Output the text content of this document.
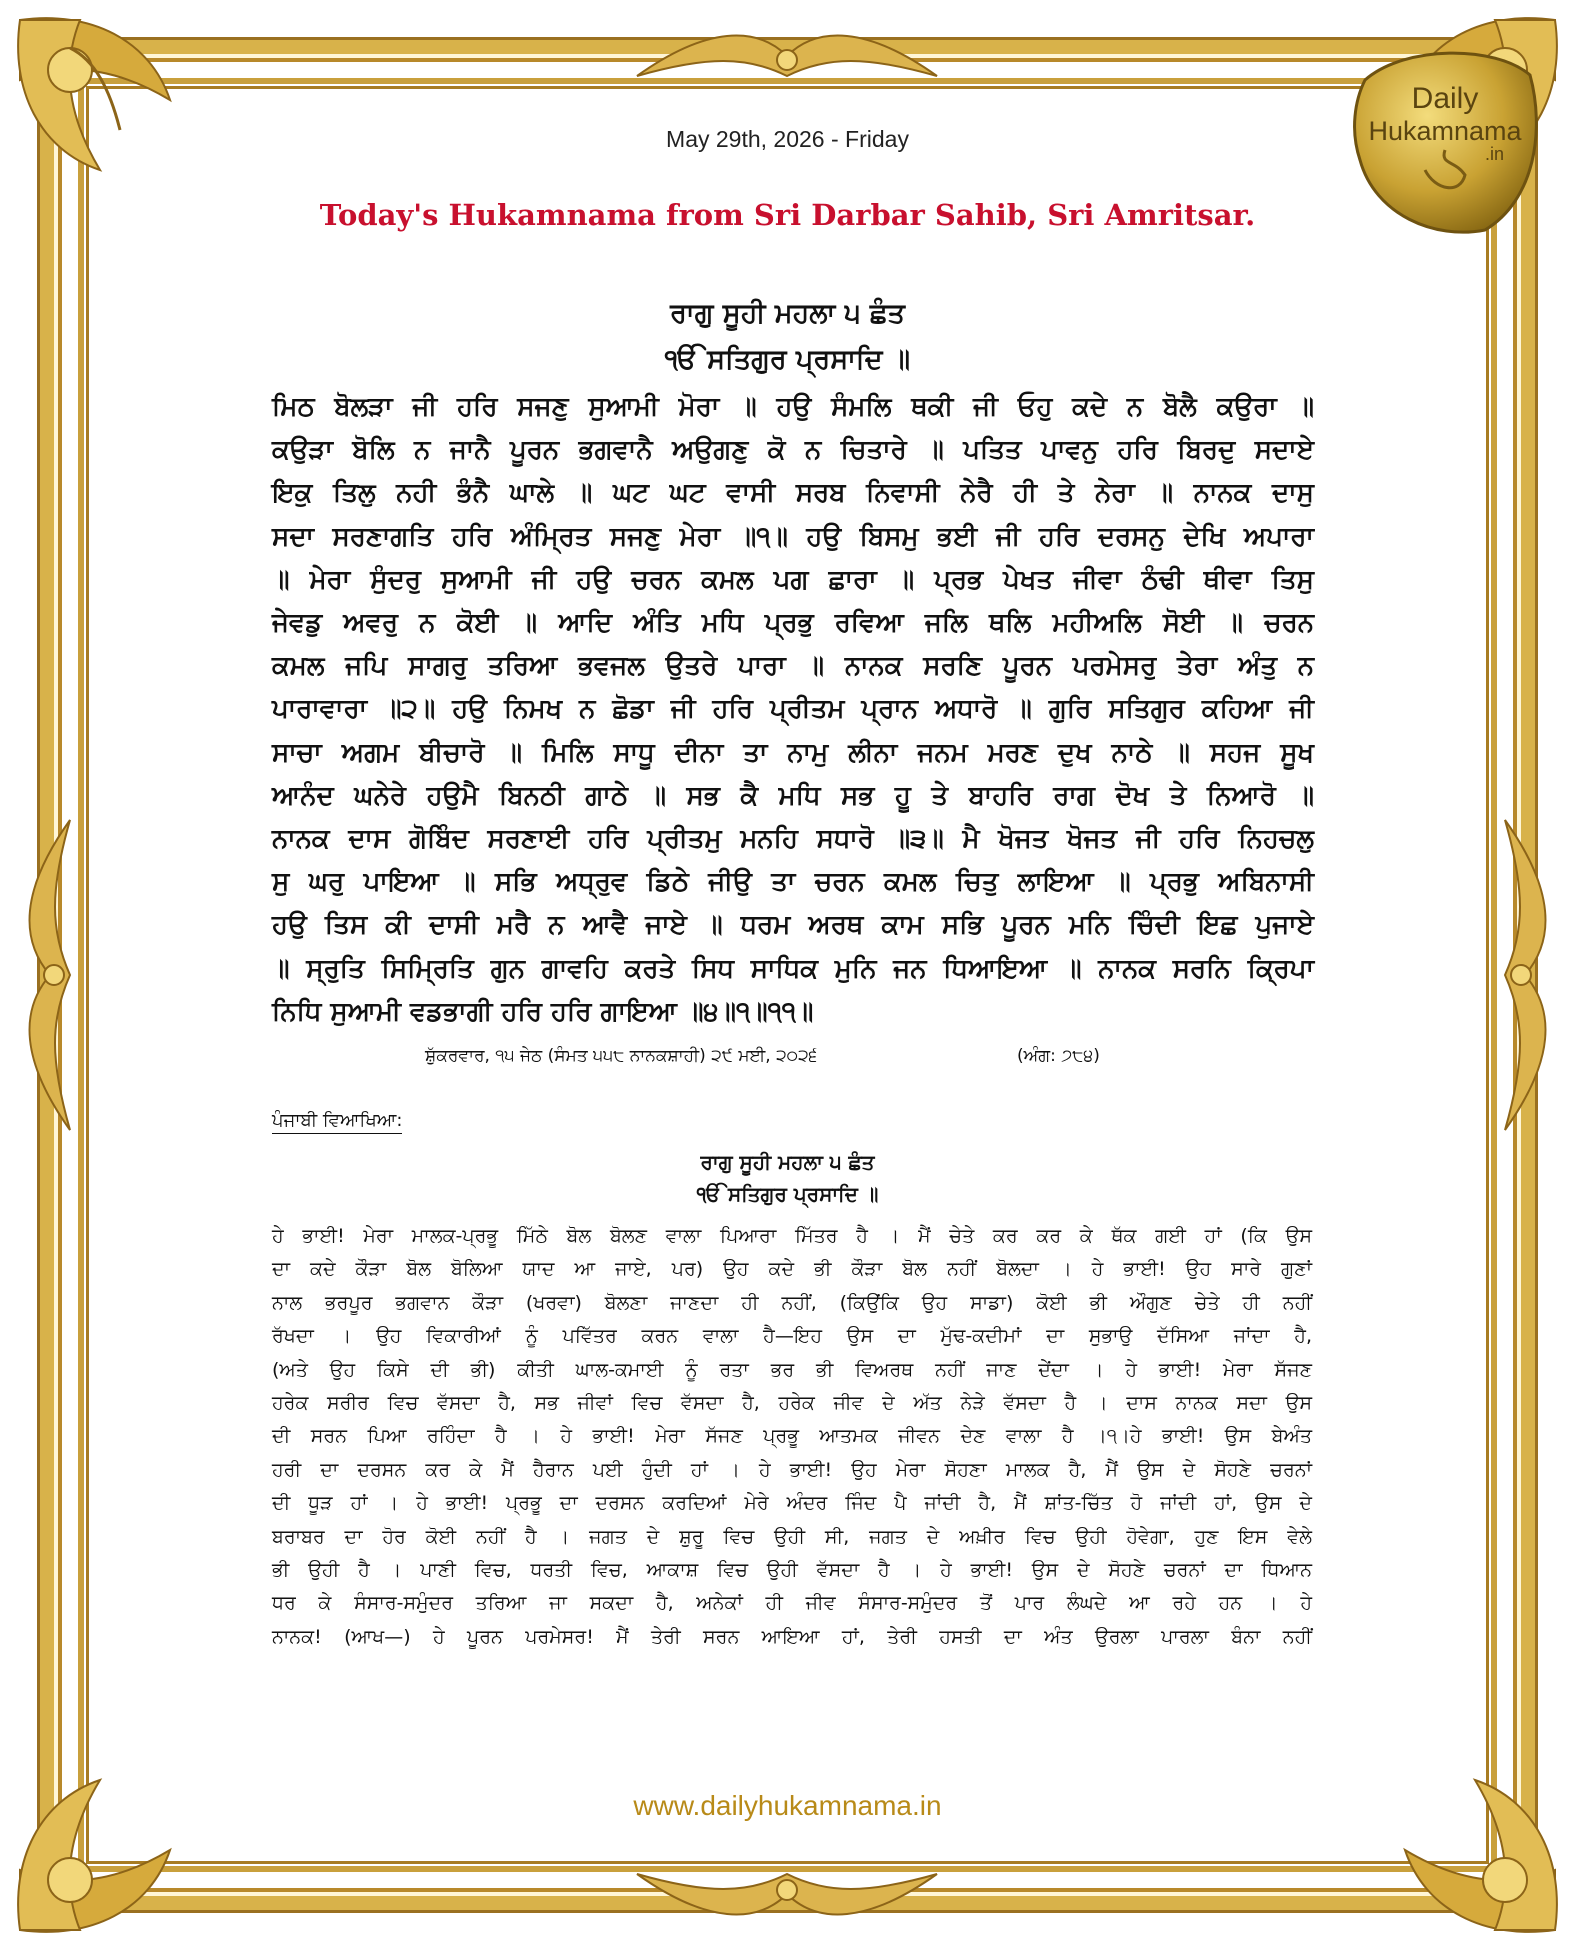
Daily
Hukamnama
.in
May 29th, 2026 - Friday
Today's Hukamnama from Sri Darbar Sahib, Sri Amritsar.
ਰਾਗੁ ਸੂਹੀ ਮਹਲਾ ੫ ਛੰਤ
ੴ ਸਤਿਗੁਰ ਪ੍ਰਸਾਦਿ ॥
ਮਿਠ ਬੋਲੜਾ ਜੀ ਹਰਿ ਸਜਣੁ ਸੁਆਮੀ ਮੋਰਾ ॥ ਹਉ ਸੰਮਲਿ ਥਕੀ ਜੀ ਓਹੁ ਕਦੇ ਨ ਬੋਲੈ ਕਉਰਾ ॥
ਕਉੜਾ ਬੋਲਿ ਨ ਜਾਨੈ ਪੂਰਨ ਭਗਵਾਨੈ ਅਉਗਣੁ ਕੋ ਨ ਚਿਤਾਰੇ ॥ ਪਤਿਤ ਪਾਵਨੁ ਹਰਿ ਬਿਰਦੁ ਸਦਾਏ
ਇਕੁ ਤਿਲੁ ਨਹੀ ਭੰਨੈ ਘਾਲੇ ॥ ਘਟ ਘਟ ਵਾਸੀ ਸਰਬ ਨਿਵਾਸੀ ਨੇਰੈ ਹੀ ਤੇ ਨੇਰਾ ॥ ਨਾਨਕ ਦਾਸੁ
ਸਦਾ ਸਰਣਾਗਤਿ ਹਰਿ ਅੰਮ੍ਰਿਤ ਸਜਣੁ ਮੇਰਾ ॥੧॥ ਹਉ ਬਿਸਮੁ ਭਈ ਜੀ ਹਰਿ ਦਰਸਨੁ ਦੇਖਿ ਅਪਾਰਾ
॥ ਮੇਰਾ ਸੁੰਦਰੁ ਸੁਆਮੀ ਜੀ ਹਉ ਚਰਨ ਕਮਲ ਪਗ ਛਾਰਾ ॥ ਪ੍ਰਭ ਪੇਖਤ ਜੀਵਾ ਠੰਢੀ ਥੀਵਾ ਤਿਸੁ
ਜੇਵਡੁ ਅਵਰੁ ਨ ਕੋਈ ॥ ਆਦਿ ਅੰਤਿ ਮਧਿ ਪ੍ਰਭੁ ਰਵਿਆ ਜਲਿ ਥਲਿ ਮਹੀਅਲਿ ਸੋਈ ॥ ਚਰਨ
ਕਮਲ ਜਪਿ ਸਾਗਰੁ ਤਰਿਆ ਭਵਜਲ ਉਤਰੇ ਪਾਰਾ ॥ ਨਾਨਕ ਸਰਣਿ ਪੂਰਨ ਪਰਮੇਸਰੁ ਤੇਰਾ ਅੰਤੁ ਨ
ਪਾਰਾਵਾਰਾ ॥੨॥ ਹਉ ਨਿਮਖ ਨ ਛੋਡਾ ਜੀ ਹਰਿ ਪ੍ਰੀਤਮ ਪ੍ਰਾਨ ਅਧਾਰੋ ॥ ਗੁਰਿ ਸਤਿਗੁਰ ਕਹਿਆ ਜੀ
ਸਾਚਾ ਅਗਮ ਬੀਚਾਰੋ ॥ ਮਿਲਿ ਸਾਧੂ ਦੀਨਾ ਤਾ ਨਾਮੁ ਲੀਨਾ ਜਨਮ ਮਰਣ ਦੁਖ ਨਾਠੇ ॥ ਸਹਜ ਸੂਖ
ਆਨੰਦ ਘਨੇਰੇ ਹਉਮੈ ਬਿਨਠੀ ਗਾਠੇ ॥ ਸਭ ਕੈ ਮਧਿ ਸਭ ਹੂ ਤੇ ਬਾਹਰਿ ਰਾਗ ਦੋਖ ਤੇ ਨਿਆਰੋ ॥
ਨਾਨਕ ਦਾਸ ਗੋਬਿੰਦ ਸਰਣਾਈ ਹਰਿ ਪ੍ਰੀਤਮੁ ਮਨਹਿ ਸਧਾਰੋ ॥੩॥ ਮੈ ਖੋਜਤ ਖੋਜਤ ਜੀ ਹਰਿ ਨਿਹਚਲੁ
ਸੁ ਘਰੁ ਪਾਇਆ ॥ ਸਭਿ ਅਧ੍ਰੁਵ ਡਿਠੇ ਜੀਉ ਤਾ ਚਰਨ ਕਮਲ ਚਿਤੁ ਲਾਇਆ ॥ ਪ੍ਰਭੁ ਅਬਿਨਾਸੀ
ਹਉ ਤਿਸ ਕੀ ਦਾਸੀ ਮਰੈ ਨ ਆਵੈ ਜਾਏ ॥ ਧਰਮ ਅਰਥ ਕਾਮ ਸਭਿ ਪੂਰਨ ਮਨਿ ਚਿੰਦੀ ਇਛ ਪੁਜਾਏ
॥ ਸ੍ਰੁਤਿ ਸਿਮ੍ਰਿਤਿ ਗੁਨ ਗਾਵਹਿ ਕਰਤੇ ਸਿਧ ਸਾਧਿਕ ਮੁਨਿ ਜਨ ਧਿਆਇਆ ॥ ਨਾਨਕ ਸਰਨਿ ਕ੍ਰਿਪਾ
ਨਿਧਿ ਸੁਆਮੀ ਵਡਭਾਗੀ ਹਰਿ ਹਰਿ ਗਾਇਆ ॥੪॥੧॥੧੧॥
ਸ਼ੁੱਕਰਵਾਰ, ੧੫ ਜੇਠ (ਸੰਮਤ ੫੫੮ ਨਾਨਕਸ਼ਾਹੀ) ੨੯ ਮਈ, ੨੦੨੬	(ਅੰਗ: ੭੮੪)
ਪੰਜਾਬੀ ਵਿਆਖਿਆ:
ਰਾਗੁ ਸੂਹੀ ਮਹਲਾ ੫ ਛੰਤ
ੴ ਸਤਿਗੁਰ ਪ੍ਰਸਾਦਿ ॥
ਹੇ ਭਾਈ! ਮੇਰਾ ਮਾਲਕ-ਪ੍ਰਭੂ ਮਿੱਠੇ ਬੋਲ ਬੋਲਣ ਵਾਲਾ ਪਿਆਰਾ ਮਿੱਤਰ ਹੈ । ਮੈਂ ਚੇਤੇ ਕਰ ਕਰ ਕੇ ਥੱਕ ਗਈ ਹਾਂ (ਕਿ ਉਸ
ਦਾ ਕਦੇ ਕੌੜਾ ਬੋਲ ਬੋਲਿਆ ਯਾਦ ਆ ਜਾਏ, ਪਰ) ਉਹ ਕਦੇ ਭੀ ਕੌੜਾ ਬੋਲ ਨਹੀਂ ਬੋਲਦਾ । ਹੇ ਭਾਈ! ਉਹ ਸਾਰੇ ਗੁਣਾਂ
ਨਾਲ ਭਰਪੂਰ ਭਗਵਾਨ ਕੌੜਾ (ਖਰਵਾ) ਬੋਲਣਾ ਜਾਣਦਾ ਹੀ ਨਹੀਂ, (ਕਿਉਂਕਿ ਉਹ ਸਾਡਾ) ਕੋਈ ਭੀ ਔਗੁਣ ਚੇਤੇ ਹੀ ਨਹੀਂ
ਰੱਖਦਾ । ਉਹ ਵਿਕਾਰੀਆਂ ਨੂੰ ਪਵਿੱਤਰ ਕਰਨ ਵਾਲਾ ਹੈ—ਇਹ ਉਸ ਦਾ ਮੁੱਢ-ਕਦੀਮਾਂ ਦਾ ਸੁਭਾਉ ਦੱਸਿਆ ਜਾਂਦਾ ਹੈ,
(ਅਤੇ ਉਹ ਕਿਸੇ ਦੀ ਭੀ) ਕੀਤੀ ਘਾਲ-ਕਮਾਈ ਨੂੰ ਰਤਾ ਭਰ ਭੀ ਵਿਅਰਥ ਨਹੀਂ ਜਾਣ ਦੇਂਦਾ । ਹੇ ਭਾਈ! ਮੇਰਾ ਸੱਜਣ
ਹਰੇਕ ਸਰੀਰ ਵਿਚ ਵੱਸਦਾ ਹੈ, ਸਭ ਜੀਵਾਂ ਵਿਚ ਵੱਸਦਾ ਹੈ, ਹਰੇਕ ਜੀਵ ਦੇ ਅੱਤ ਨੇੜੇ ਵੱਸਦਾ ਹੈ । ਦਾਸ ਨਾਨਕ ਸਦਾ ਉਸ
ਦੀ ਸਰਨ ਪਿਆ ਰਹਿੰਦਾ ਹੈ । ਹੇ ਭਾਈ! ਮੇਰਾ ਸੱਜਣ ਪ੍ਰਭੂ ਆਤਮਕ ਜੀਵਨ ਦੇਣ ਵਾਲਾ ਹੈ ।੧।ਹੇ ਭਾਈ! ਉਸ ਬੇਅੰਤ
ਹਰੀ ਦਾ ਦਰਸਨ ਕਰ ਕੇ ਮੈਂ ਹੈਰਾਨ ਪਈ ਹੁੰਦੀ ਹਾਂ । ਹੇ ਭਾਈ! ਉਹ ਮੇਰਾ ਸੋਹਣਾ ਮਾਲਕ ਹੈ, ਮੈਂ ਉਸ ਦੇ ਸੋਹਣੇ ਚਰਨਾਂ
ਦੀ ਧੂੜ ਹਾਂ । ਹੇ ਭਾਈ! ਪ੍ਰਭੂ ਦਾ ਦਰਸਨ ਕਰਦਿਆਂ ਮੇਰੇ ਅੰਦਰ ਜਿੰਦ ਪੈ ਜਾਂਦੀ ਹੈ, ਮੈਂ ਸ਼ਾਂਤ-ਚਿੱਤ ਹੋ ਜਾਂਦੀ ਹਾਂ, ਉਸ ਦੇ
ਬਰਾਬਰ ਦਾ ਹੋਰ ਕੋਈ ਨਹੀਂ ਹੈ । ਜਗਤ ਦੇ ਸ਼ੁਰੂ ਵਿਚ ਉਹੀ ਸੀ, ਜਗਤ ਦੇ ਅਖ਼ੀਰ ਵਿਚ ਉਹੀ ਹੋਵੇਗਾ, ਹੁਣ ਇਸ ਵੇਲੇ
ਭੀ ਉਹੀ ਹੈ । ਪਾਣੀ ਵਿਚ, ਧਰਤੀ ਵਿਚ, ਆਕਾਸ਼ ਵਿਚ ਉਹੀ ਵੱਸਦਾ ਹੈ । ਹੇ ਭਾਈ! ਉਸ ਦੇ ਸੋਹਣੇ ਚਰਨਾਂ ਦਾ ਧਿਆਨ
ਧਰ ਕੇ ਸੰਸਾਰ-ਸਮੁੰਦਰ ਤਰਿਆ ਜਾ ਸਕਦਾ ਹੈ, ਅਨੇਕਾਂ ਹੀ ਜੀਵ ਸੰਸਾਰ-ਸਮੁੰਦਰ ਤੋਂ ਪਾਰ ਲੰਘਦੇ ਆ ਰਹੇ ਹਨ । ਹੇ
ਨਾਨਕ! (ਆਖ—) ਹੇ ਪੂਰਨ ਪਰਮੇਸਰ! ਮੈਂ ਤੇਰੀ ਸਰਨ ਆਇਆ ਹਾਂ, ਤੇਰੀ ਹਸਤੀ ਦਾ ਅੰਤ ਉਰਲਾ ਪਾਰਲਾ ਬੰਨਾ ਨਹੀਂ
www.dailyhukamnama.in
